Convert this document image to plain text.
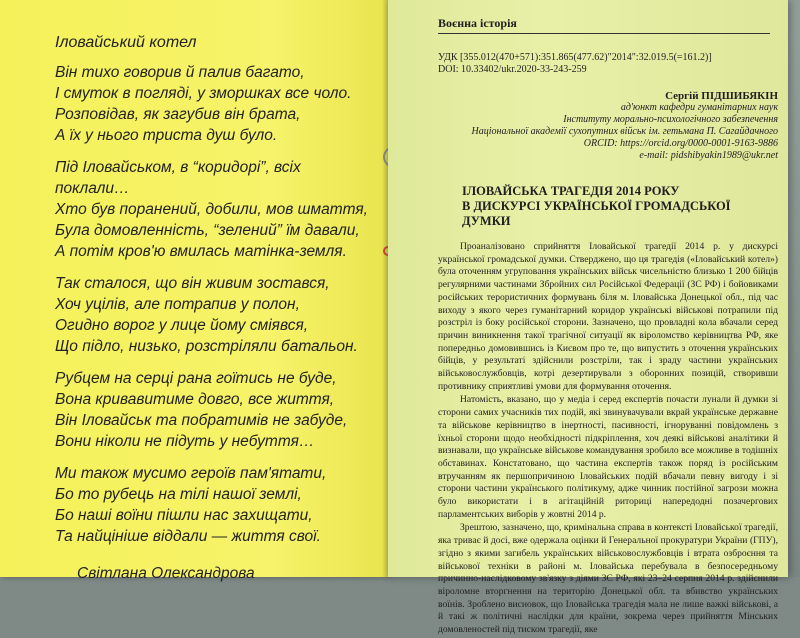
Іловайський котел
Він тихо говорив й палив багато,
І смуток в погляді, у зморшках все чоло.
Розповідав, як загубив він брата,
А їх у нього триста душ було.
Під Іловайськом, в “коридорі”, всіх
поклали…
Хто був поранений, добили, мов шмаття,
Була домовленність, “зелений” їм давали,
А потім кров'ю вмилась матінка-земля.
Так сталося, що він живим зостався,
Хоч уцілів, але потрапив у полон,
Огидно ворог у лице йому сміявся,
Що підло, низько, розстріляли батальон.
Рубцем на серці рана гоїтись не буде,
Вона кривавитиме довго, все життя,
Він Іловайськ та побратимів не забуде,
Вони ніколи не підуть у небуття…
Ми також мусимо героїв пам'ятати,
Бо то рубець на тілі нашої землі,
Бо наші воїни пішли нас захищати,
Та найцініше віддали — життя свої.
Світлана Олександрова
Воєнна історія
УДК [355.012(470+571):351.865(477.62)"2014":32.019.5(=161.2)]
DOI: 10.33402/ukr.2020-33-243-259
Сергій ПІДШИБЯКІН
ад'юнкт кафедри гуманітарних наук
Інституту морально-психологічного забезпечення
Національної академії сухопутних військ ім. гетьмана П. Сагайдачного
ORCID: https://orcid.org/0000-0001-9163-9886
e-mail: pidshibyakin1989@ukr.net
ІЛОВАЙСЬКА ТРАГЕДІЯ 2014 РОКУ
В ДИСКУРСІ УКРАЇНСЬКОЇ ГРОМАДСЬКОЇ ДУМКИ

Проаналізовано сприйняття Іловайської трагедії 2014 р. у дискурсі української громадської думки. Стверджено, що ця трагедія («Іловайський котел») була оточенням угруповання українських військ чисельністю близько 1 200 бійців регулярними частинами Збройних сил Російської Федерації (ЗС РФ) і бойовиками російських терористичних формувань біля м. Іловайська Донецької обл., під час виходу з якого через гуманітарний коридор українські військові потрапили під розстріл із боку російської сторони. Зазначено, що провладні кола вбачали серед причин виникнення такої трагічної ситуації як віроломство керівництва РФ, яке попередньо домовившись із Києвом про те, що випустить з оточення українських бійців, у результаті здійснили розстріли, так і зраду частини українських військовослужбовців, котрі дезертирували з оборонних позицій, створивши противнику сприятливі умови для формування оточення.

Натомість, вказано, що у медіа і серед експертів почасти лунали й думки зі сторони самих учасників тих подій, які звинувачували вкрай українське державне та військове керівництво в інертності, пасивності, ігноруванні повідомлень з їхньої сторони щодо необхідності підкріплення, хоч деякі військові аналітики й визнавали, що українське військове командування зробило все можливе в тодішніх обставинах. Констатовано, що частина експертів також поряд із російським втручанням як першопричиною Іловайських подій вбачали певну вигоду і зі сторони частини українського політикуму, адже чинник постійної загрози можна було використати і в агітаційній риториці напередодні позачергових парламентських виборів у жовтні 2014 р.

Зрештою, зазначено, що, кримінальна справа в контексті Іловайської трагедії, яка триває й досі, вже одержала оцінки й Генеральної прокуратури України (ГПУ), згідно з якими загибель українських військовослужбовців і втрата озброєння та військової техніки в районі м. Іловайська перебувала в безпосередньому причинно-наслідковому зв'язку з діями ЗС РФ, які 23–24 серпня 2014 р. здійснили віроломне вторгнення на територію Донецької обл. та вбивство українських воїнів. Зроблено висновок, що Іловайська трагедія мала не лише важкі військові, а й такі ж політичні наслідки для країни, зокрема через прийняття Мінських домовленостей під тиском трагедії, яке
